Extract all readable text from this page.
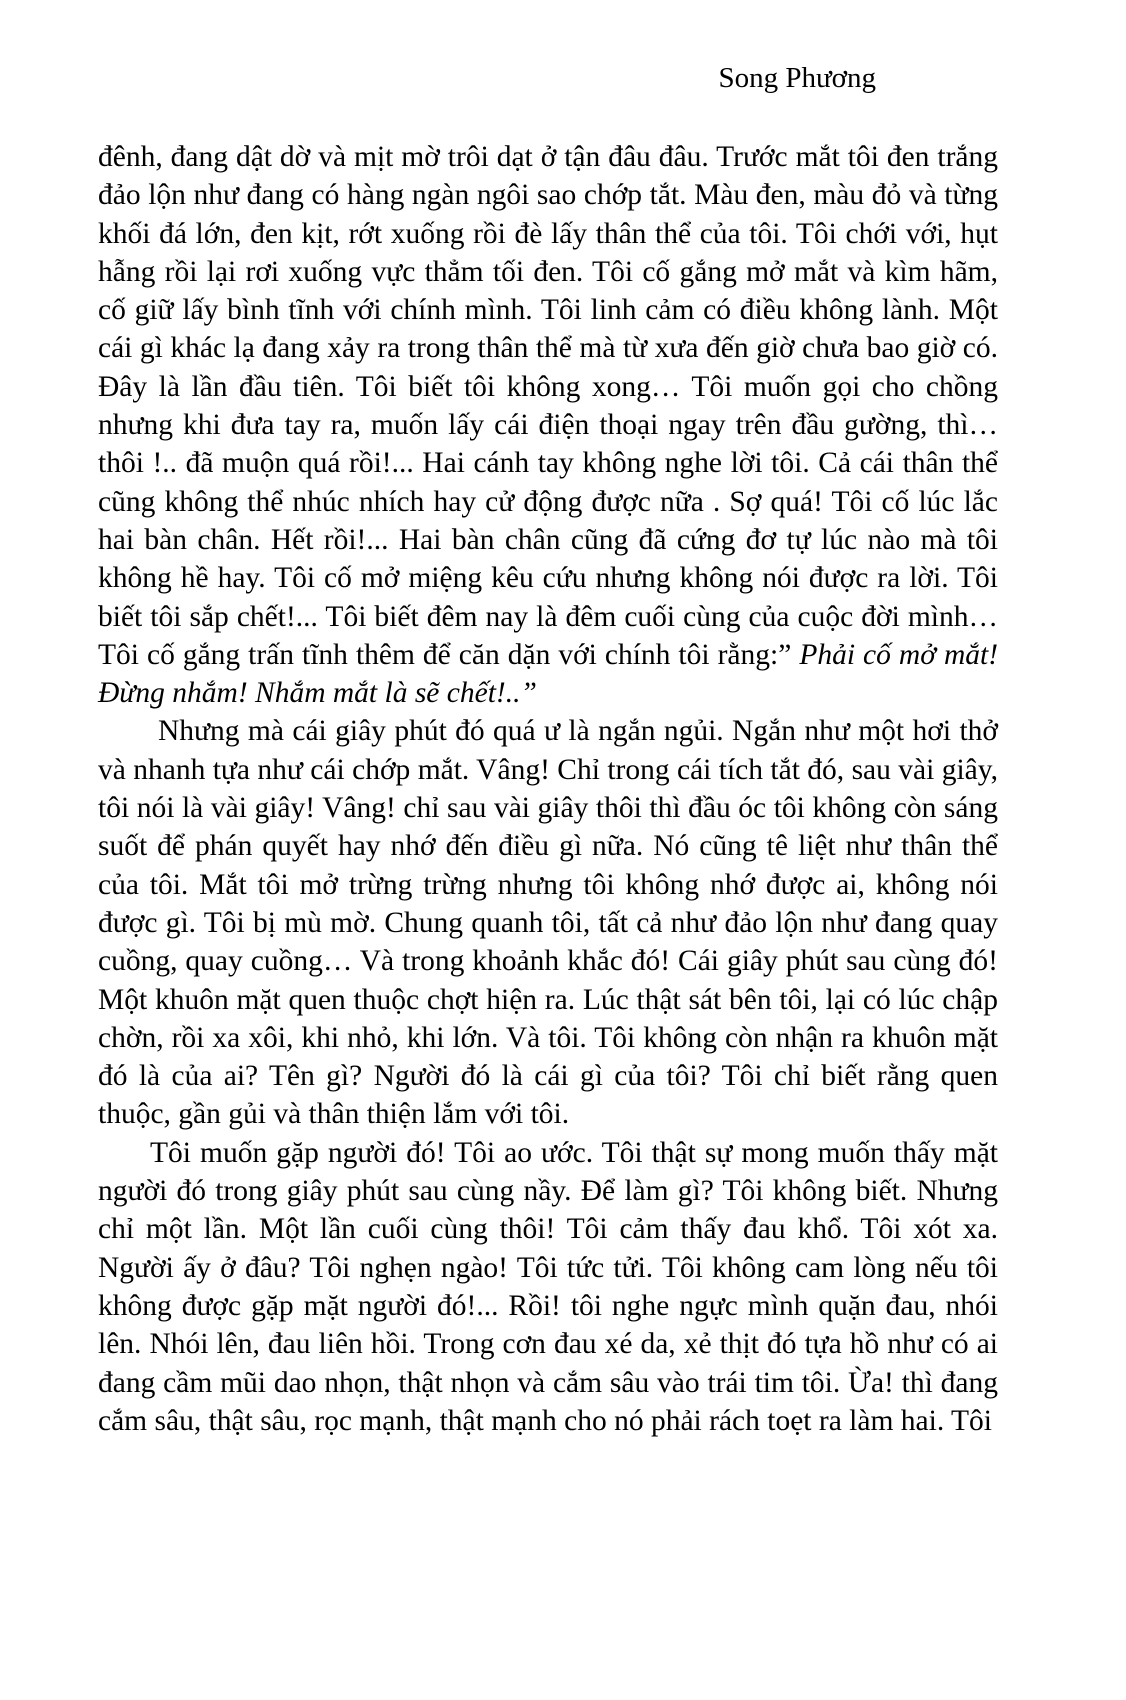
Song Phương

đênh, đang dật dờ và mịt mờ trôi dạt ở tận đâu đâu. Trước mắt tôi đen trắng đảo lộn như đang có hàng ngàn ngôi sao chớp tắt. Màu đen, màu đỏ và từng khối đá lớn, đen kịt, rớt xuống rồi đè lấy thân thể của tôi. Tôi chới với, hụt hẫng rồi lại rơi xuống vực thẳm tối đen. Tôi cố gắng mở mắt và kìm hãm, cố giữ lấy bình tĩnh với chính mình. Tôi linh cảm có điều không lành. Một cái gì khác lạ đang xảy ra trong thân thể mà từ xưa đến giờ chưa bao giờ có. Đây là lần đầu tiên. Tôi biết tôi không xong… Tôi muốn gọi cho chồng nhưng khi đưa tay ra, muốn lấy cái điện thoại ngay trên đầu gường, thì… thôi !.. đã muộn quá rồi!... Hai cánh tay không nghe lời tôi. Cả cái thân thể cũng không thể nhúc nhích hay cử động được nữa . Sợ quá! Tôi cố lúc lắc hai bàn chân. Hết rồi!... Hai bàn chân cũng đã cứng đơ tự lúc nào mà tôi không hề hay. Tôi cố mở miệng kêu cứu nhưng không nói được ra lời. Tôi biết tôi sắp chết!... Tôi biết đêm nay là đêm cuối cùng của cuộc đời mình…Tôi cố gắng trấn tĩnh thêm để căn dặn với chính tôi rằng:” Phải cố mở mắt! Đừng nhắm! Nhắm mắt là sẽ chết!..”

Nhưng mà cái giây phút đó quá ư là ngắn ngủi. Ngắn như một hơi thở và nhanh tựa như cái chớp mắt. Vâng! Chỉ trong cái tích tắt đó, sau vài giây, tôi nói là vài giây! Vâng! chỉ sau vài giây thôi thì đầu óc tôi không còn sáng suốt để phán quyết hay nhớ đến điều gì nữa. Nó cũng tê liệt như thân thể của tôi. Mắt tôi mở trừng trừng nhưng tôi không nhớ được ai, không nói được gì. Tôi bị mù mờ. Chung quanh tôi, tất cả như đảo lộn như đang quay cuồng, quay cuồng… Và trong khoảnh khắc đó! Cái giây phút sau cùng đó! Một khuôn mặt quen thuộc chợt hiện ra. Lúc thật sát bên tôi, lại có lúc chập chờn, rồi xa xôi, khi nhỏ, khi lớn. Và tôi. Tôi không còn nhận ra khuôn mặt đó là của ai? Tên gì? Người đó là cái gì của tôi? Tôi chỉ biết rằng quen thuộc, gần gủi và thân thiện lắm với tôi.

Tôi muốn gặp người đó! Tôi ao ước. Tôi thật sự mong muốn thấy mặt người đó trong giây phút sau cùng nầy. Để làm gì? Tôi không biết. Nhưng chỉ một lần. Một lần cuối cùng thôi! Tôi cảm thấy đau khổ. Tôi xót xa. Người ấy ở đâu? Tôi nghẹn ngào! Tôi tức tửi. Tôi không cam lòng nếu tôi không được gặp mặt người đó!... Rồi! tôi nghe ngực mình quặn đau, nhói lên. Nhói lên, đau liên hồi. Trong cơn đau xé da, xẻ thịt đó tựa hồ như có ai đang cầm mũi dao nhọn, thật nhọn và cắm sâu vào trái tim tôi. Ừa! thì đang cắm sâu, thật sâu, rọc mạnh, thật mạnh cho nó phải rách toẹt ra làm hai. Tôi
